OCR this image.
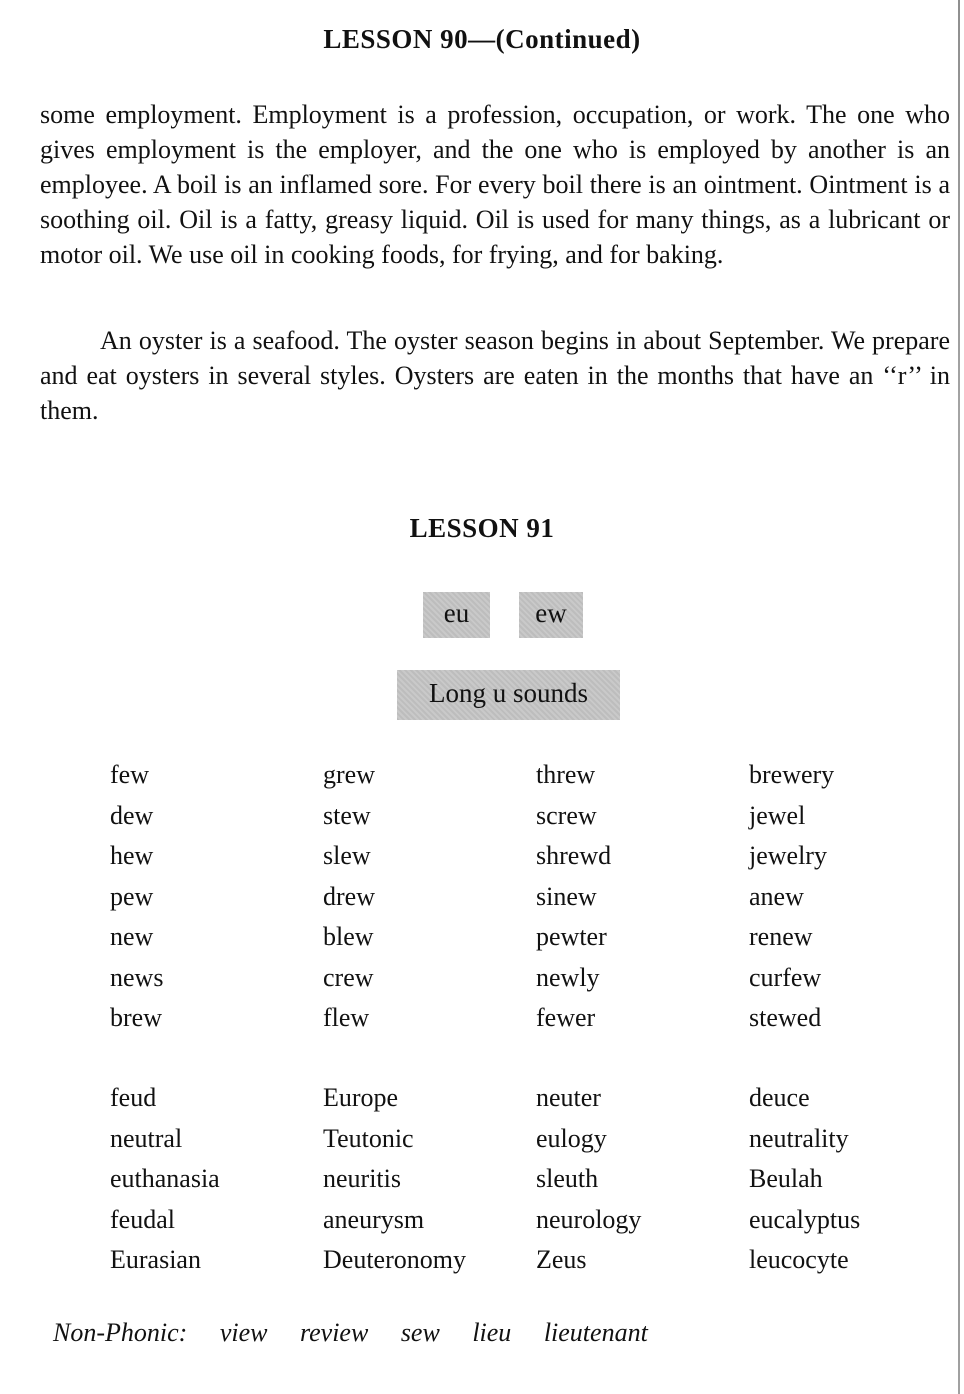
LESSON 90—(Continued)

some employment. Employment is a profession, occupation, or work. The one who gives employment is the employer, and the one who is employed by another is an employee. A boil is an inflamed sore. For every boil there is an ointment. Ointment is a soothing oil. Oil is a fatty, greasy liquid. Oil is used for many things, as a lubricant or motor oil. We use oil in cooking foods, for frying, and for baking.

An oyster is a seafood. The oyster season begins in about September. We prepare and eat oysters in several styles. Oysters are eaten in the months that have an ‘‘r’’ in them.

LESSON 91
eu	ew
Long u sounds
few	grew	threw	brewery
dew	stew	screw	jewel
hew	slew	shrewd	jewelry
pew	drew	sinew	anew
new	blew	pewter	renew
news	crew	newly	curfew
brew	flew	fewer	stewed
feud	Europe	neuter	deuce
neutral	Teutonic	eulogy	neutrality
euthanasia	neuritis	sleuth	Beulah
feudal	aneurysm	neurology	eucalyptus
Eurasian	Deuteronomy	Zeus	leucocyte
Non-Phonic: view review sew lieu lieutenant
